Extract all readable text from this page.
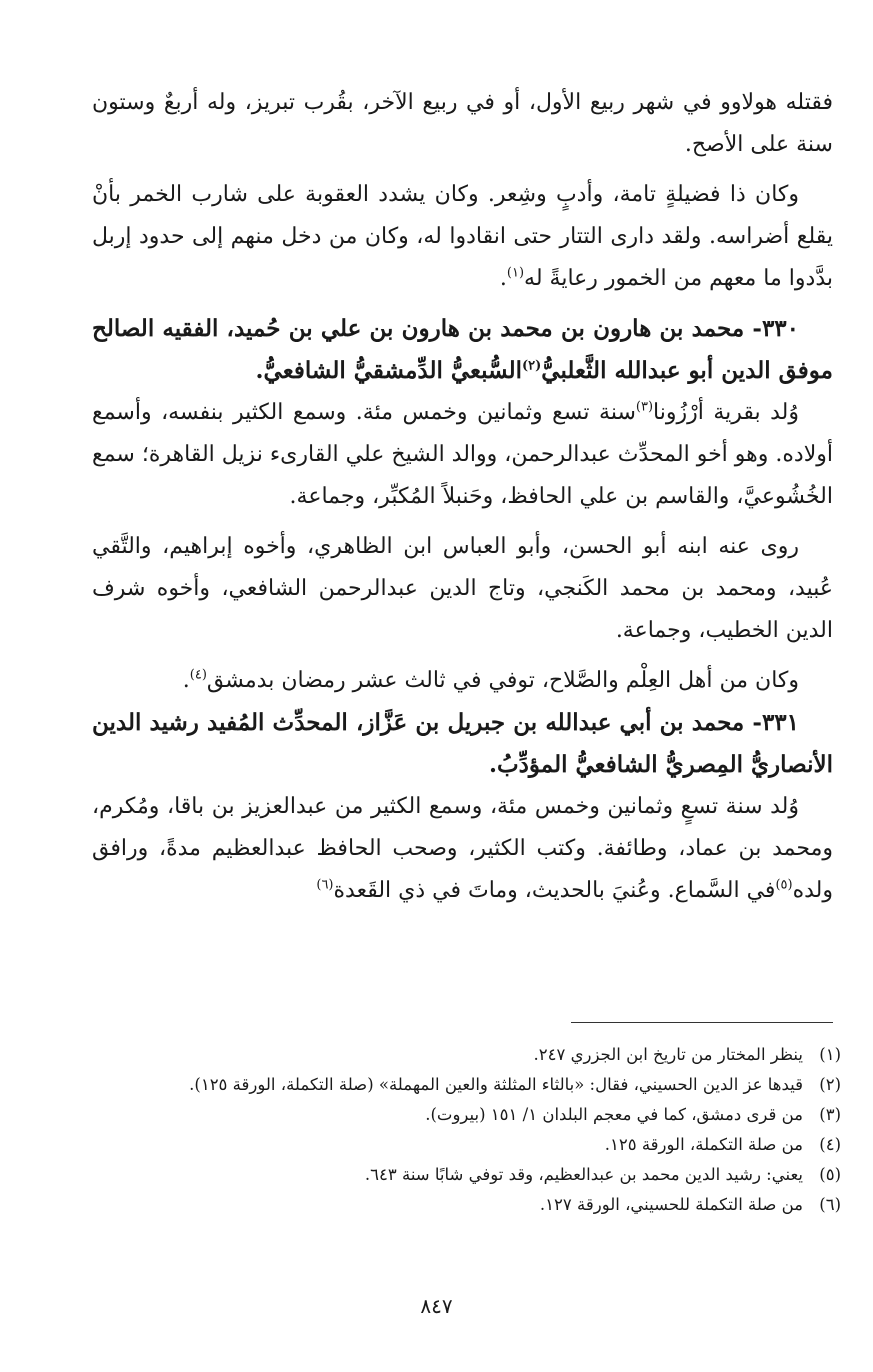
فقتله هولاوو في شهر ربيع الأول، أو في ربيع الآخر، بقُرب تبريز، وله أربعٌ وستون سنة على الأصح.

وكان ذا فضيلةٍ تامة، وأدبٍ وشِعر. وكان يشدد العقوبة على شارب الخمر بأنْ يقلع أضراسه. ولقد دارى التتار حتى انقادوا له، وكان من دخل منهم إلى حدود إربل بدَّدوا ما معهم من الخمور رعايةً له$^{(١)}$.

٣٣٠- محمد بن هارون بن محمد بن هارون بن علي بن حُميد، الفقيه الصالح موفق الدين أبو عبدالله الثَّعلبيُّ$^{(٢)}$السُّبعيُّ الدِّمشقيُّ الشافعيُّ.

وُلد بقرية أرْزُونا$^{(٣)}$سنة تسع وثمانين وخمس مئة. وسمع الكثير بنفسه، وأسمع أولاده. وهو أخو المحدِّث عبدالرحمن، ووالد الشيخ علي القارىء نزيل القاهرة؛ سمع الخُشُوعيَّ، والقاسم بن علي الحافظ، وحَنبلاً المُكبِّر، وجماعة.

روى عنه ابنه أبو الحسن، وأبو العباس ابن الظاهري، وأخوه إبراهيم، والتَّقي عُبيد، ومحمد بن محمد الكَنجي، وتاج الدين عبدالرحمن الشافعي، وأخوه شرف الدين الخطيب، وجماعة.

وكان من أهل العِلْم والصَّلاح، توفي في ثالث عشر رمضان بدمشق$^{(٤)}$.

٣٣١- محمد بن أبي عبدالله بن جبريل بن عَزَّاز، المحدِّث المُفيد رشيد الدين الأنصاريُّ المِصريُّ الشافعيُّ المؤدِّبُ.

وُلد سنة تسعٍ وثمانين وخمس مئة، وسمع الكثير من عبدالعزيز بن باقا، ومُكرم، ومحمد بن عماد، وطائفة. وكتب الكثير، وصحب الحافظ عبدالعظيم مدةً، ورافق ولده$^{(٥)}$في السَّماع. وعُنيَ بالحديث، وماتَ في ذي القَعدة$^{(٦)}$

(١)
ينظر المختار من تاريخ ابن الجزري ٢٤٧.
(٢)
قيدها عز الدين الحسيني، فقال: «بالثاء المثلثة والعين المهملة» (صلة التكملة، الورقة ١٢٥).
(٣)
من قرى دمشق، كما في معجم البلدان ١/ ١٥١ (بيروت).
(٤)
من صلة التكملة، الورقة ١٢٥.
(٥)
يعني: رشيد الدين محمد بن عبدالعظيم، وقد توفي شابًا سنة ٦٤٣.
(٦)
من صلة التكملة للحسيني، الورقة ١٢٧.
٨٤٧
